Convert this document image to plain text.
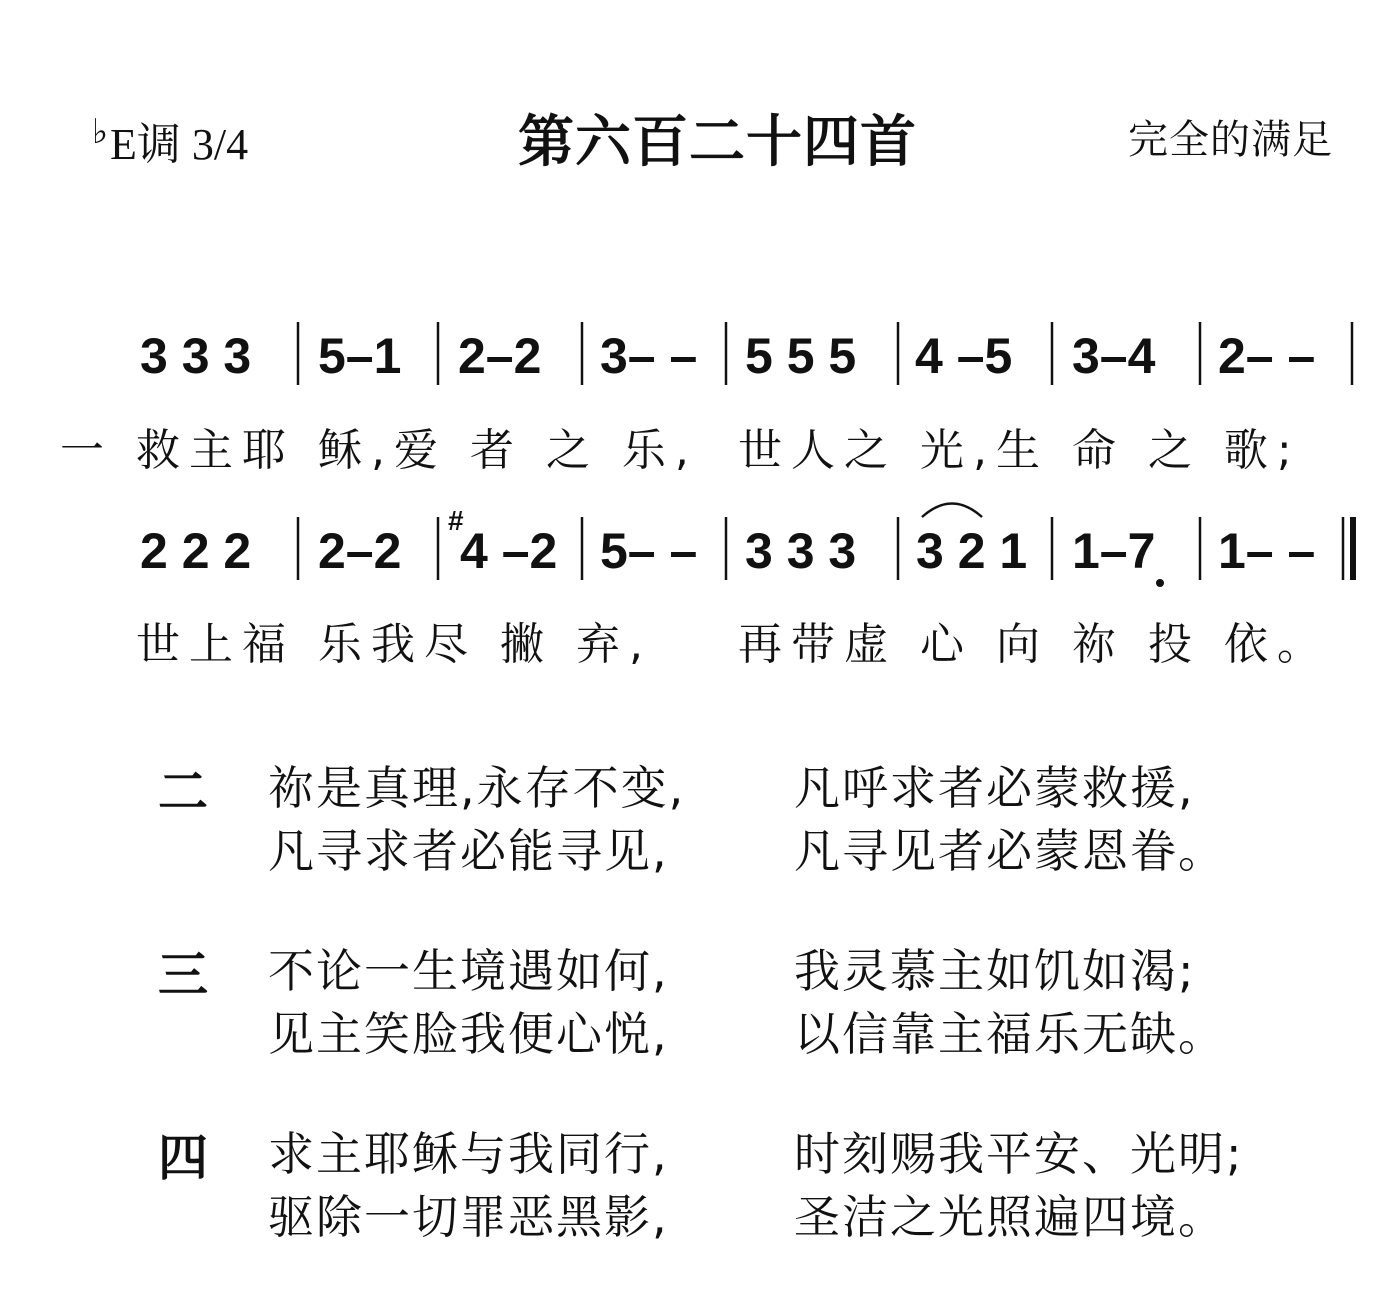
♭E调 3/4	第六百二十四首	完全的满足
3 3 3 5–1 2–2 3– – 5 5 5 4 –5 3–4 2– –
2 2 2 2–2
#
4 –2 5– – 3 3 3 3 2 1 1–7 1– –
一 救主耶 稣,爱 者 之 乐, 世人之 光,生 命 之 歌;
世上福 乐我尽 撇 弃, 再带虚 心 向 祢 投 依。
二 祢是真理,永存不变, 凡呼求者必蒙救援,
凡寻求者必能寻见,	凡寻见者必蒙恩眷。
三 不论一生境遇如何,	我灵慕主如饥如渴;
见主笑脸我便心悦,	以信靠主福乐无缺。
四 求主耶稣与我同行,	时刻赐我平安、光明;
驱除一切罪恶黑影,	圣洁之光照遍四境。
